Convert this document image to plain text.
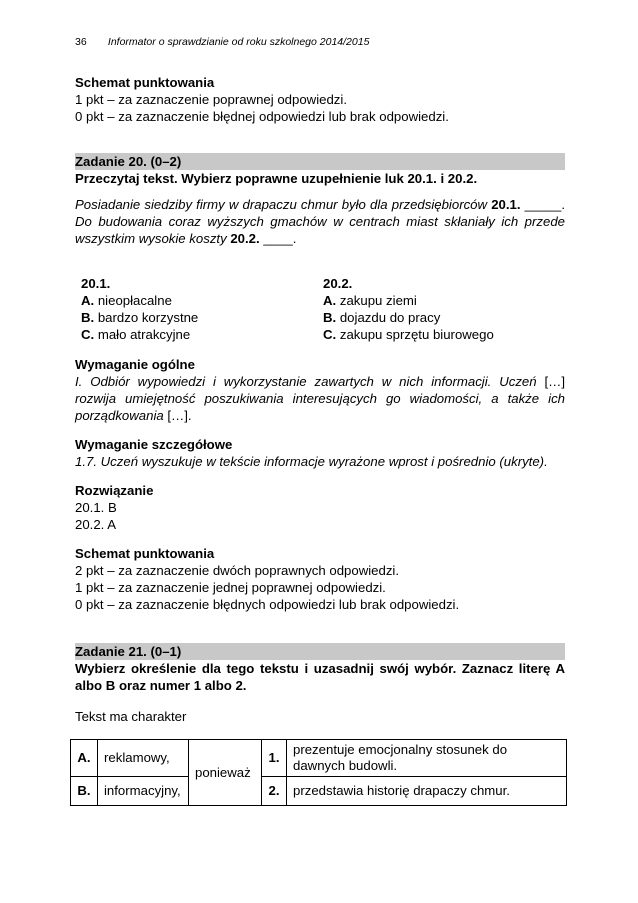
36 Informator o sprawdzianie od roku szkolnego 2014/2015

Schemat punktowania

1 pkt – za zaznaczenie poprawnej odpowiedzi.

0 pkt – za zaznaczenie błędnej odpowiedzi lub brak odpowiedzi.

Zadanie 20. (0–2)

Przeczytaj tekst. Wybierz poprawne uzupełnienie luk 20.1. i 20.2.

Posiadanie siedziby firmy w drapaczu chmur było dla przedsiębiorców 20.1. _____. Do budowania coraz wyższych gmachów w centrach miast skłaniały ich przede wszystkim wysokie koszty 20.2. ____.

20.1.

A. nieopłacalne

B. bardzo korzystne

C. mało atrakcyjne

20.2.

A. zakupu ziemi

B. dojazdu do pracy

C. zakupu sprzętu biurowego

Wymaganie ogólne

I. Odbiór wypowiedzi i wykorzystanie zawartych w nich informacji. Uczeń […] rozwija umiejętność poszukiwania interesujących go wiadomości, a także ich porządkowania […].

Wymaganie szczegółowe

1.7. Uczeń wyszukuje w tekście informacje wyrażone wprost i pośrednio (ukryte).

Rozwiązanie

20.1. B

20.2. A

Schemat punktowania

2 pkt – za zaznaczenie dwóch poprawnych odpowiedzi.

1 pkt – za zaznaczenie jednej poprawnej odpowiedzi.

0 pkt – za zaznaczenie błędnych odpowiedzi lub brak odpowiedzi.

Zadanie 21. (0–1)

Wybierz określenie dla tego tekstu i uzasadnij swój wybór. Zaznacz literę A albo B oraz numer 1 albo 2.

Tekst ma charakter

A.	reklamowy,	ponieważ	1.	prezentuje emocjonalny stosunek do dawnych budowli.
B.	informacyjny,		2.	przedstawia historię drapaczy chmur.
